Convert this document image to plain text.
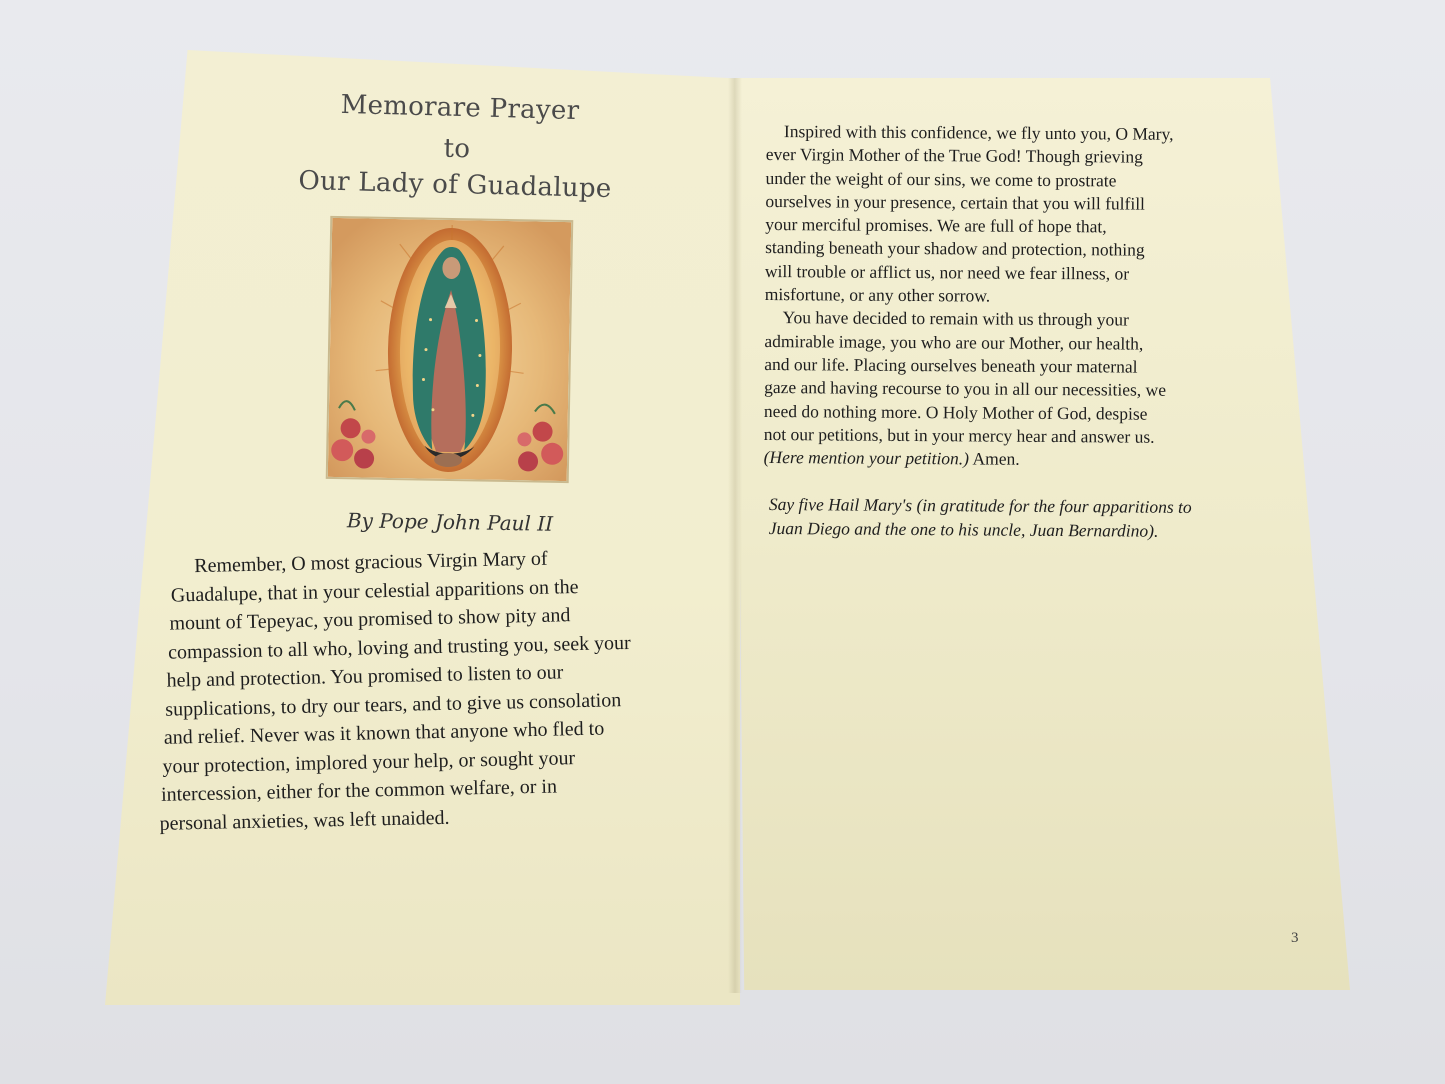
Memorare Prayer
to
Our Lady of Guadalupe
By Pope John Paul II
Remember, O most gracious Virgin Mary of
Guadalupe, that in your celestial apparitions on the
mount of Tepeyac, you promised to show pity and
compassion to all who, loving and trusting you, seek your
help and protection. You promised to listen to our
supplications, to dry our tears, and to give us consolation
and relief. Never was it known that anyone who fled to
your protection, implored your help, or sought your
intercession, either for the common welfare, or in
personal anxieties, was left unaided.
Inspired with this confidence, we fly unto you, O Mary,
ever Virgin Mother of the True God! Though grieving
under the weight of our sins, we come to prostrate
ourselves in your presence, certain that you will fulfill
your merciful promises. We are full of hope that,
standing beneath your shadow and protection, nothing
will trouble or afflict us, nor need we fear illness, or
misfortune, or any other sorrow.
You have decided to remain with us through your
admirable image, you who are our Mother, our health,
and our life. Placing ourselves beneath your maternal
gaze and having recourse to you in all our necessities, we
need do nothing more. O Holy Mother of God, despise
not our petitions, but in your mercy hear and answer us.
(Here mention your petition.) Amen.
Say five Hail Mary's (in gratitude for the four apparitions to
Juan Diego and the one to his uncle, Juan Bernardino).
3
